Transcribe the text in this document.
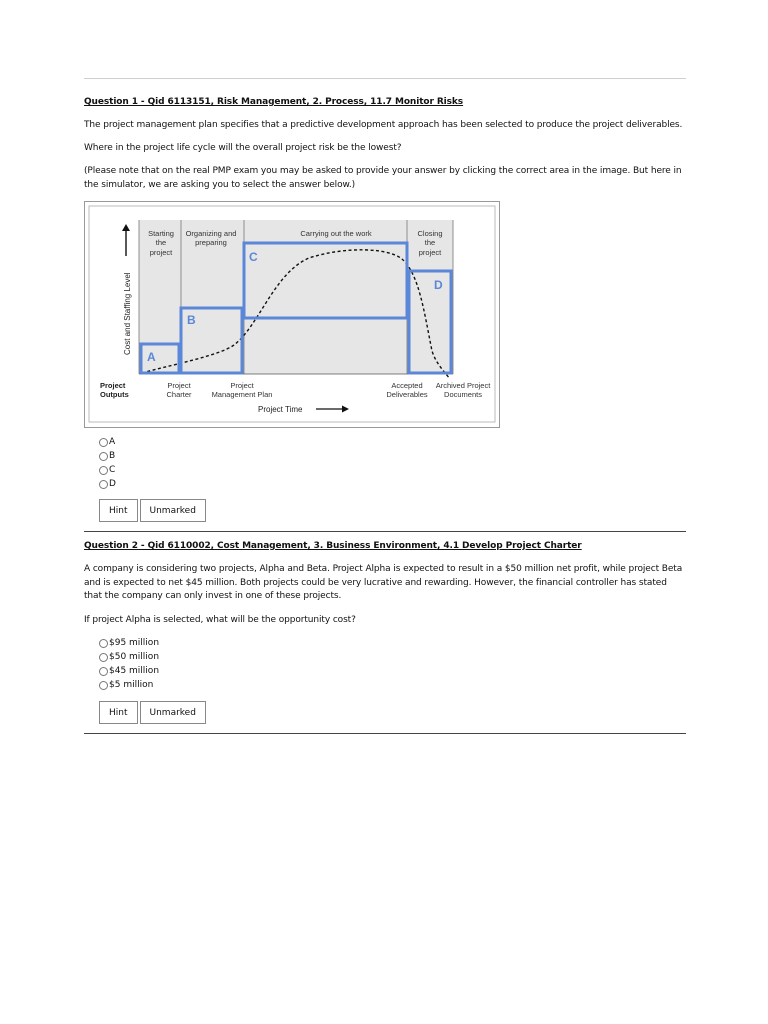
Question 1 - Qid 6113151, Risk Management, 2. Process, 11.7 Monitor Risks
The project management plan specifies that a predictive development approach has been selected to produce the project deliverables.
Where in the project life cycle will the overall project risk be the lowest?
(Please note that on the real PMP exam you may be asked to provide your answer by clicking the correct area in the image. But here in the simulator, we are asking you to select the answer below.)
Cost and Staffing Level
Project Time
Starting
the
project
Organizing and
preparing
Carrying out the work	Closing
the
project
A
B
C
D
Project
Outputs
Project
Charter
Project
Management Plan
Accepted
Deliverables
Archived Project
Documents
A
B
C
D
Hint	Unmarked
Question 2 - Qid 6110002, Cost Management, 3. Business Environment, 4.1 Develop Project Charter
A company is considering two projects, Alpha and Beta. Project Alpha is expected to result in a $50 million net profit, while project Beta and is expected to net $45 million. Both projects could be very lucrative and rewarding. However, the financial controller has stated that the company can only invest in one of these projects.
If project Alpha is selected, what will be the opportunity cost?
$95 million
$50 million
$45 million
$5 million
Hint	Unmarked
